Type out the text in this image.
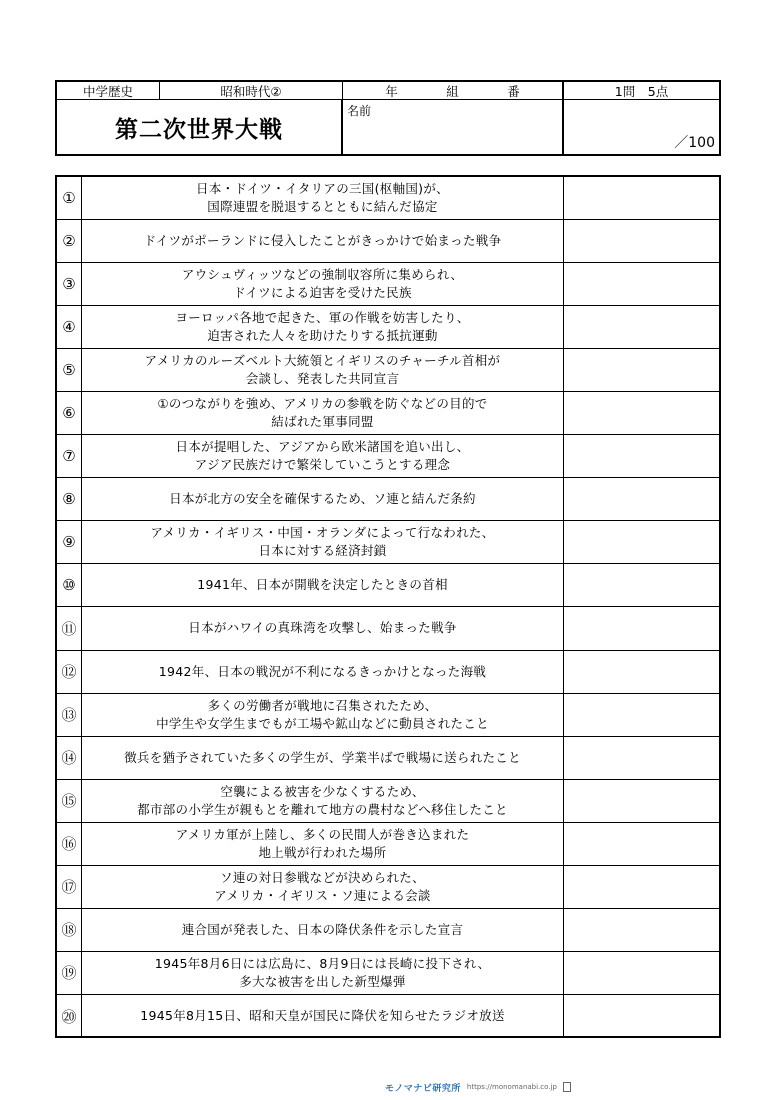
中学歴史	昭和時代②
第二次世界大戦
年	組	番
名前
1問　5点
／100
①
日本・ドイツ・イタリアの三国(枢軸国)が、
国際連盟を脱退するとともに結んだ協定
②	ドイツがポーランドに侵入したことがきっかけで始まった戦争
③
アウシュヴィッツなどの強制収容所に集められ、
ドイツによる迫害を受けた民族
④
ヨーロッパ各地で起きた、軍の作戦を妨害したり、
迫害された人々を助けたりする抵抗運動
⑤
アメリカのルーズベルト大統領とイギリスのチャーチル首相が
会談し、発表した共同宣言
⑥
①のつながりを強め、アメリカの参戦を防ぐなどの目的で
結ばれた軍事同盟
⑦
日本が提唱した、アジアから欧米諸国を追い出し、
アジア民族だけで繁栄していこうとする理念
⑧	日本が北方の安全を確保するため、ソ連と結んだ条約
⑨
アメリカ・イギリス・中国・オランダによって行なわれた、
日本に対する経済封鎖
⑩	1941年、日本が開戦を決定したときの首相
⑪	日本がハワイの真珠湾を攻撃し、始まった戦争
⑫	1942年、日本の戦況が不利になるきっかけとなった海戦
⑬
多くの労働者が戦地に召集されたため、
中学生や女学生までもが工場や鉱山などに動員されたこと
⑭	徴兵を猶予されていた多くの学生が、学業半ばで戦場に送られたこと
⑮
空襲による被害を少なくするため、
都市部の小学生が親もとを離れて地方の農村などへ移住したこと
⑯
アメリカ軍が上陸し、多くの民間人が巻き込まれた
地上戦が行われた場所
⑰
ソ連の対日参戦などが決められた、
アメリカ・イギリス・ソ連による会談
⑱	連合国が発表した、日本の降伏条件を示した宣言
⑲
1945年8月6日には広島に、8月9日には長崎に投下され、
多大な被害を出した新型爆弾
⑳	1945年8月15日、昭和天皇が国民に降伏を知らせたラジオ放送
モノマナビ研究所 https://monomanabi.co.jp
